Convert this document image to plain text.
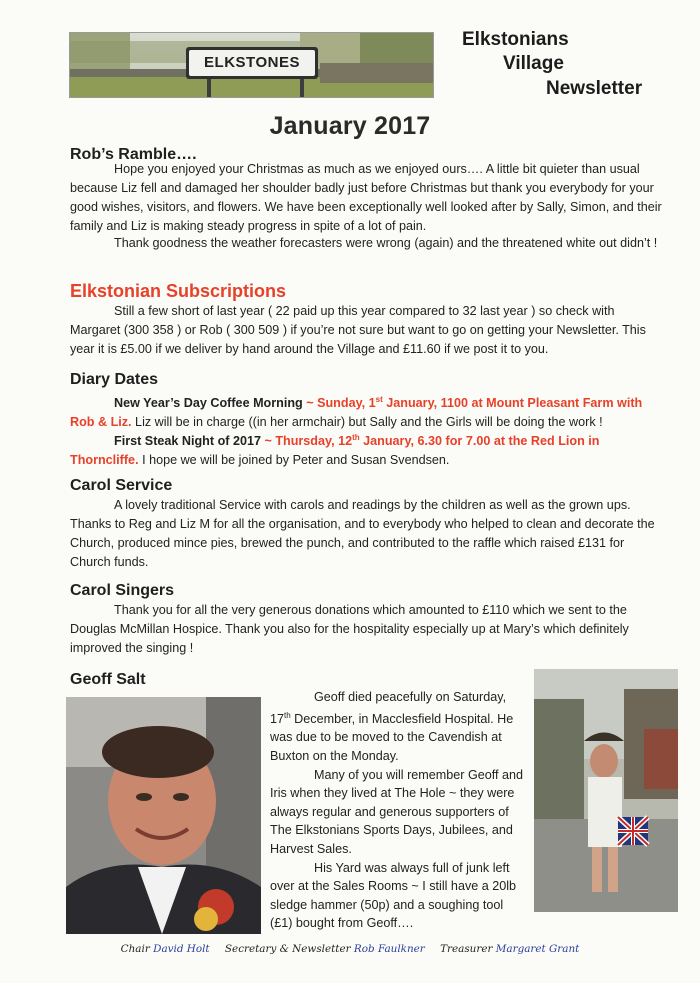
ELKSTONES
Elkstonians
Village
Newsletter
January 2017
Rob’s Ramble….
Hope you enjoyed your Christmas as much as we enjoyed ours…. A little bit quieter than usual because Liz fell and damaged her shoulder badly just before Christmas but thank you everybody for your good wishes, visitors, and flowers. We have been exceptionally well looked after by Sally, Simon, and their family and Liz is making steady progress in spite of a lot of pain.
Thank goodness the weather forecasters were wrong (again) and the threatened white out didn’t !
Elkstonian Subscriptions
Still a few short of last year ( 22 paid up this year compared to 32 last year ) so check with Margaret (300 358 ) or Rob ( 300 509 ) if you’re not sure but want to go on getting your Newsletter. This year it is £5.00 if we deliver by hand around the Village and £11.60 if we post it to you.
Diary Dates
New Year’s Day Coffee Morning ~ Sunday, 1st January, 1100 at Mount Pleasant Farm with Rob & Liz. Liz will be in charge ((in her armchair) but Sally and the Girls will be doing the work !
First Steak Night of 2017 ~ Thursday, 12th January, 6.30 for 7.00 at the Red Lion in Thorncliffe. I hope we will be joined by Peter and Susan Svendsen.
Carol Service
A lovely traditional Service with carols and readings by the children as well as the grown ups. Thanks to Reg and Liz M for all the organisation, and to everybody who helped to clean and decorate the Church, produced mince pies, brewed the punch, and contributed to the raffle which raised £131 for Church funds.
Carol Singers
Thank you for all the very generous donations which amounted to £110 which we sent to the Douglas McMillan Hospice. Thank you also for the hospitality especially up at Mary’s which definitely improved the singing !
Geoff Salt
Geoff died peacefully on Saturday, 17th December, in Macclesfield Hospital. He was due to be moved to the Cavendish at Buxton on the Monday.
Many of you will remember Geoff and Iris when they lived at The Hole ~ they were always regular and generous supporters of The Elkstonians Sports Days, Jubilees, and Harvest Sales.
His Yard was always full of junk left over at the Sales Rooms ~ I still have a 20lb sledge hammer (50p) and a soughing tool (£1) bought from Geoff….
Chair David Holt Secretary & Newsletter Rob Faulkner Treasurer Margaret Grant
